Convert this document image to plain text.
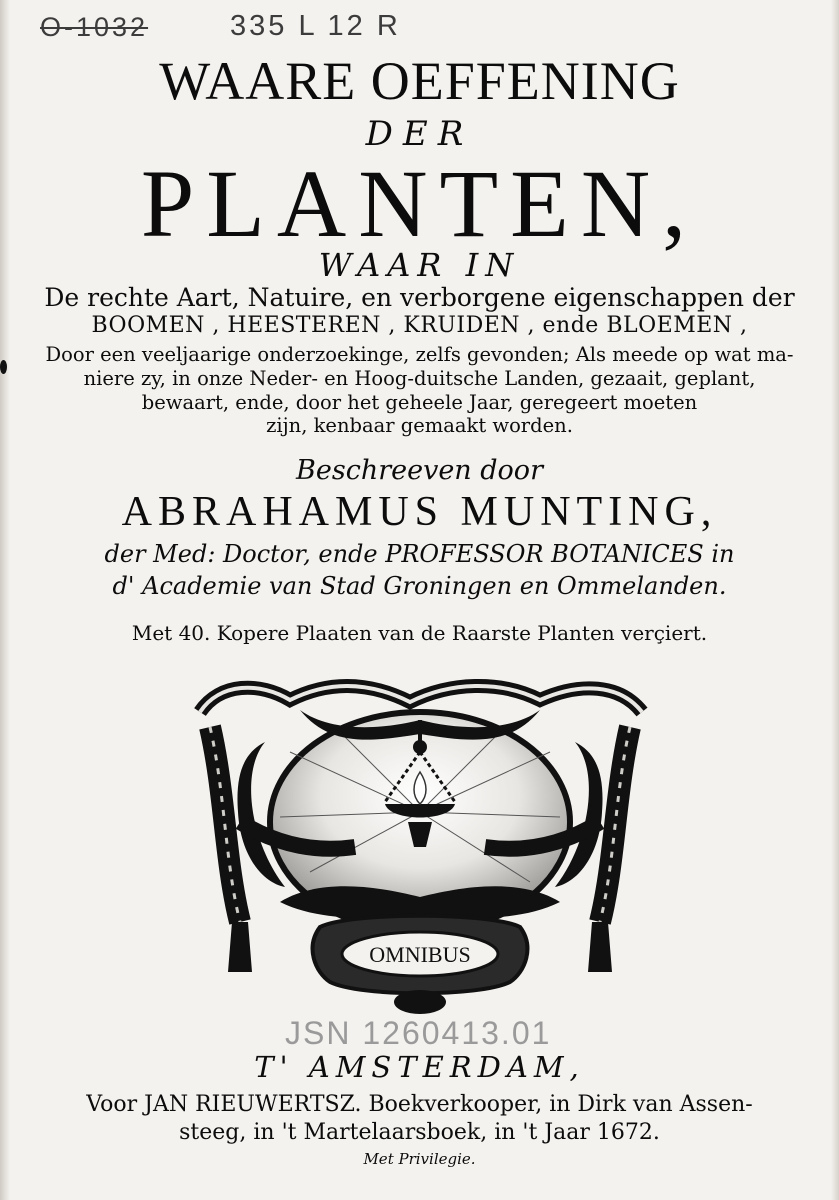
O-1032	335 L 12 R
WAARE OEFFENING
DER
PLANTEN,
WAAR IN
De rechte Aart, Natuire, en verborgene eigenschappen der
BOOMEN , HEESTEREN , KRUIDEN , ende BLOEMEN ,
Door een veeljaarige onderzoekinge, zelfs gevonden; Als meede op wat ma-
niere zy, in onze Neder- en Hoog-duitsche Landen, gezaait, geplant,
bewaart, ende, door het geheele Jaar, geregeert moeten
zijn, kenbaar gemaakt worden.
Beschreeven door
ABRAHAMUS MUNTING,
der Med: Doctor, ende PROFESSOR BOTANICES in
d' Academie van Stad Groningen en Ommelanden.
Met 40. Kopere Plaaten van de Raarste Planten verçiert.
OMNIBUS
JSN 1260413.01
T' AMSTERDAM,
Voor JAN RIEUWERTSZ. Boekverkooper, in Dirk van Assen-
steeg, in 't Martelaarsboek, in 't Jaar 1672.
Met Privilegie.
